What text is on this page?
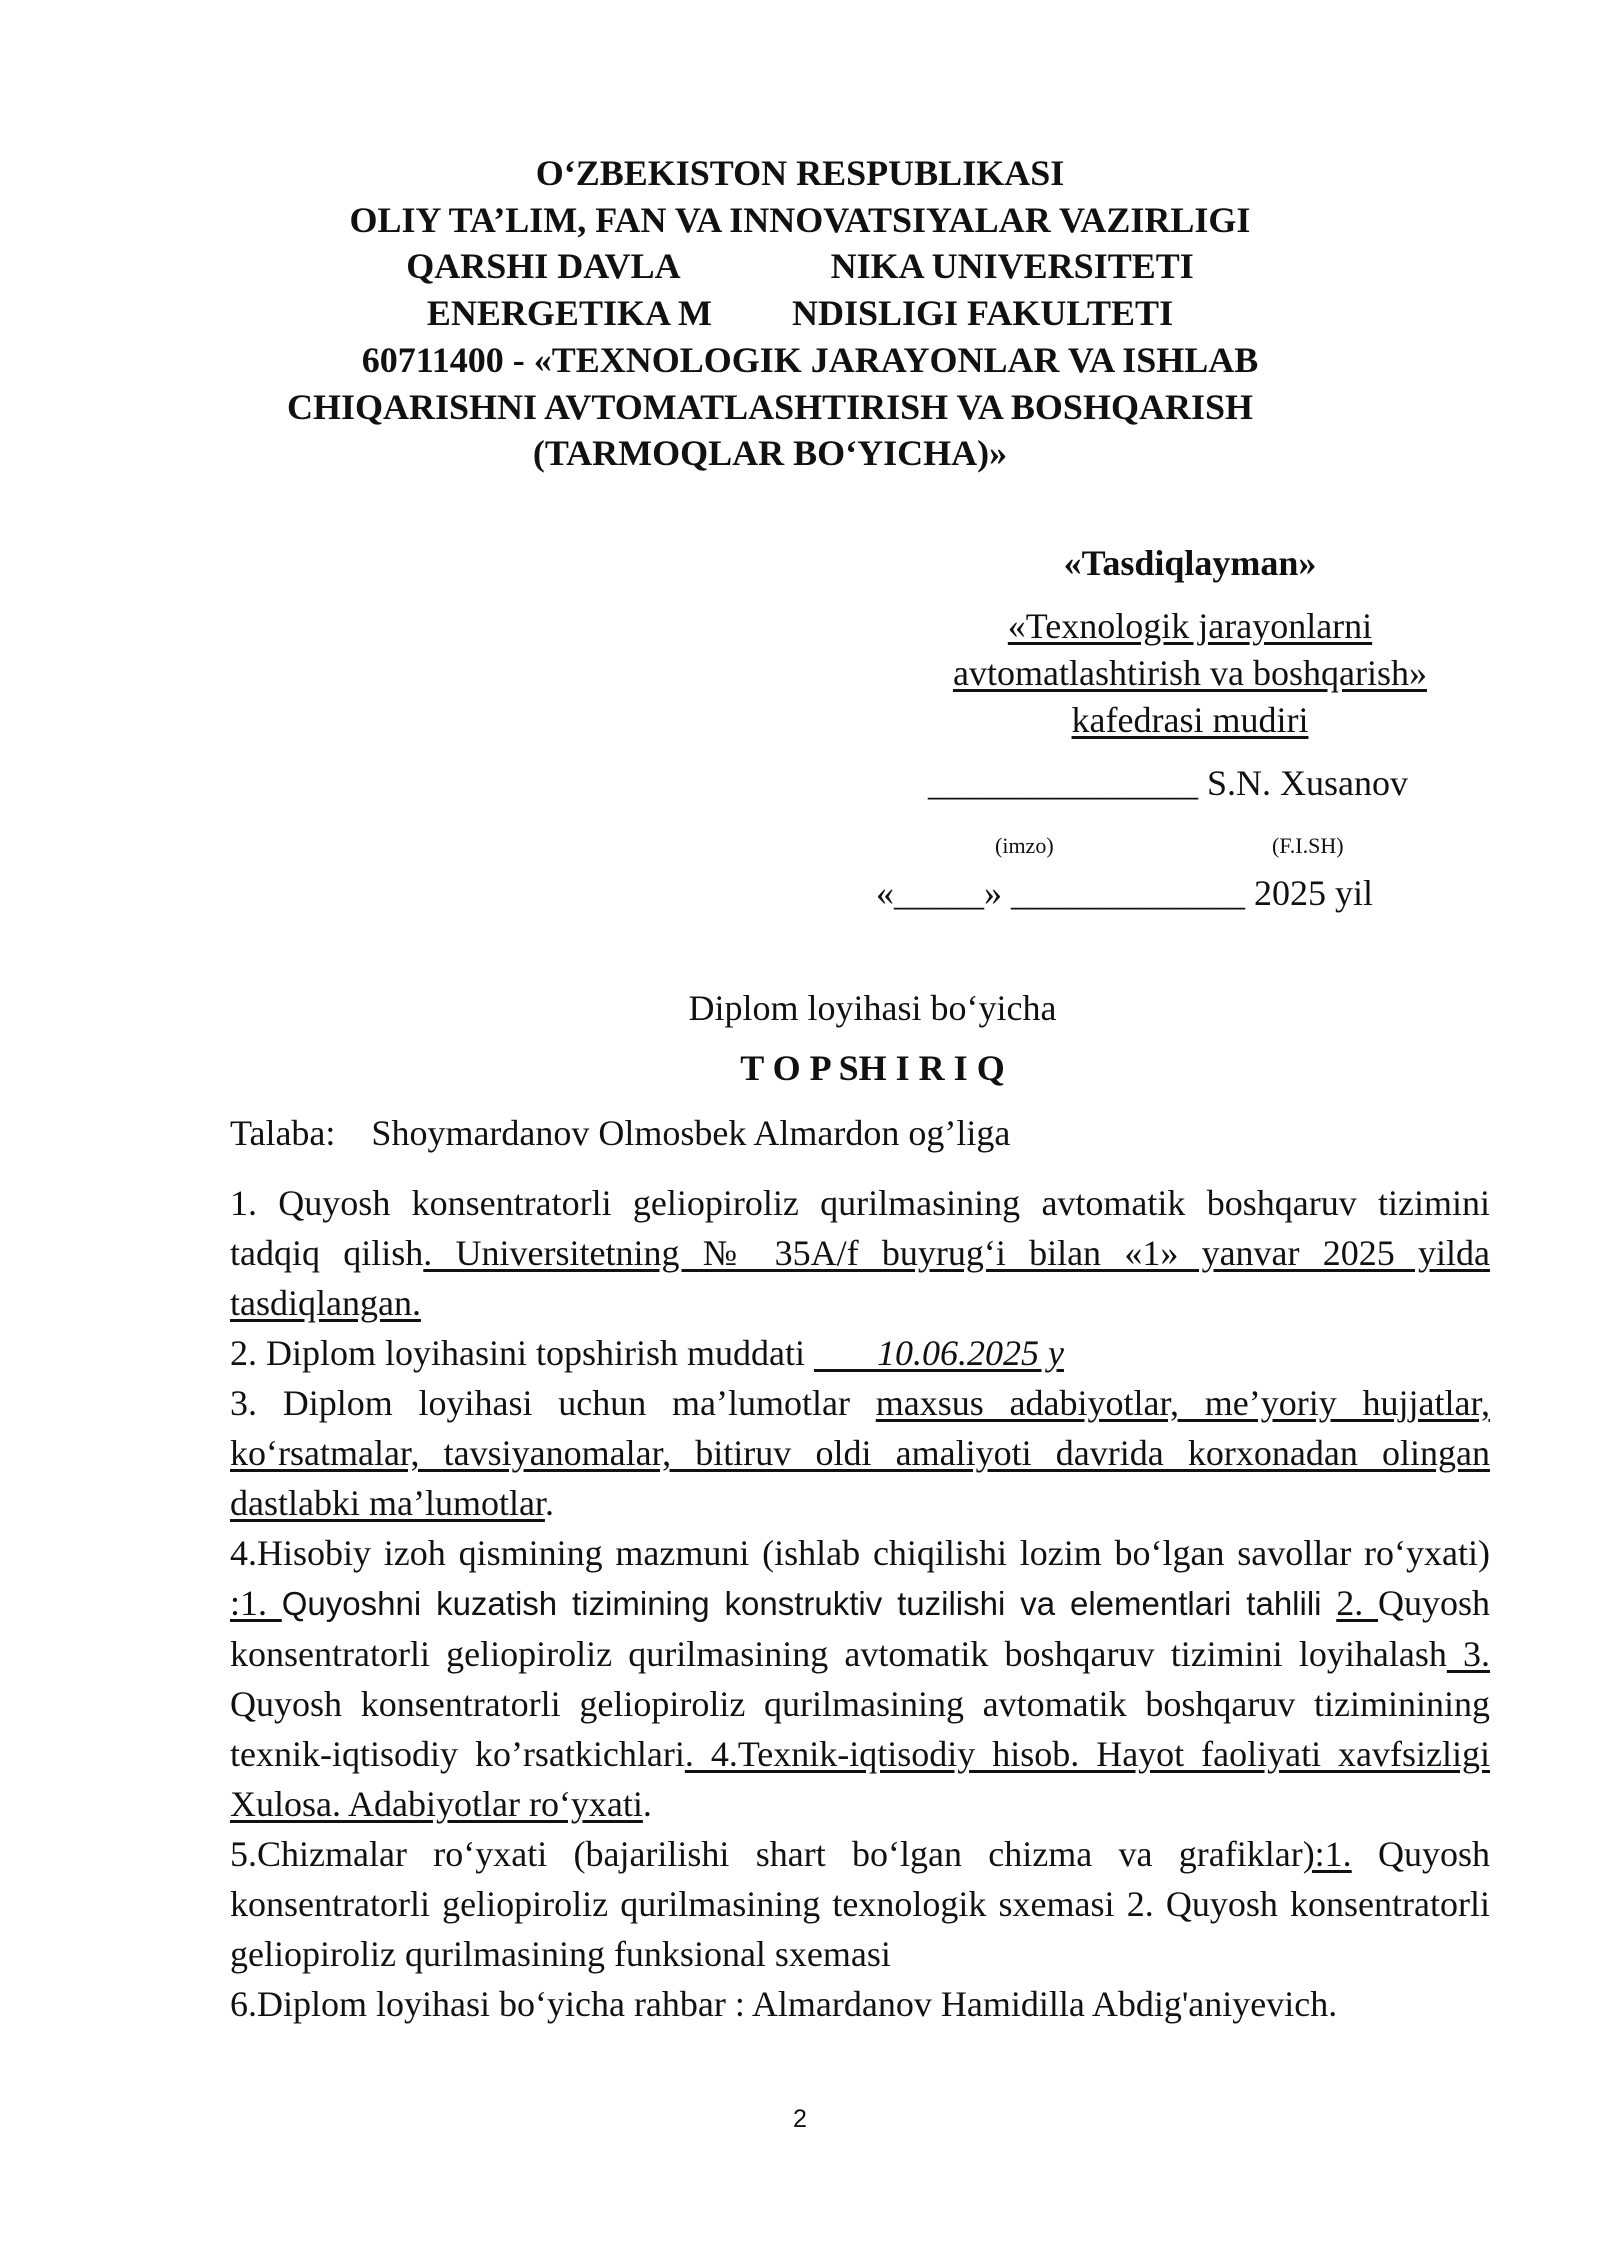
O‘ZBEKISTON RESPUBLIKASI
OLIY TA’LIM, FAN VA INNOVATSIYALAR VAZIRLIGI
QARSHI DAVLA	NIKA UNIVERSITETI
ENERGETIKA M NDISLIGI FAKULTETI
60711400 - «TEXNOLOGIK JARAYONLAR VA ISHLAB
CHIQARISHNI AVTOMATLASHTIRISH VA BOSHQARISH
(TARMOQLAR BO‘YICHA)»
«Tasdiqlayman»
«Texnologik jarayonlarni
avtomatlashtirish va boshqarish»
kafedrasi mudiri
_______________ S.N. Xusanov
(imzo)	(F.I.SH)
«_____» _____________ 2025 yil
Diplom loyihasi bo‘yicha
T O P SH I R I Q
Talaba: Shoymardanov Olmosbek Almardon og’liga

1. Quyosh konsentratorli geliopiroliz qurilmasining avtomatik boshqaruv tizimini tadqiq qilish. Universitetning № 35A/f buyrug‘i bilan «1» yanvar 2025 yilda tasdiqlangan.

2. Diplom loyihasini topshirish muddati        10.06.2025 y

3. Diplom loyihasi uchun ma’lumotlar maxsus adabiyotlar, me’yoriy hujjatlar, ko‘rsatmalar, tavsiyanomalar, bitiruv oldi amaliyoti davrida korxonadan olingan dastlabki ma’lumotlar.

4.Hisobiy izoh qismining mazmuni (ishlab chiqilishi lozim bo‘lgan savollar ro‘yxati) :1. Quyoshni kuzatish tizimining konstruktiv tuzilishi va elementlari tahlili 2. Quyosh konsentratorli geliopiroliz qurilmasining avtomatik boshqaruv tizimini loyihalash 3. Quyosh konsentratorli geliopiroliz qurilmasining avtomatik boshqaruv tiziminining texnik-iqtisodiy ko’rsatkichlari. 4.Texnik-iqtisodiy hisob. Hayot faoliyati xavfsizligi Xulosa. Adabiyotlar ro‘yxati.

5.Chizmalar ro‘yxati (bajarilishi shart bo‘lgan chizma va grafiklar):1. Quyosh konsentratorli geliopiroliz qurilmasining texnologik sxemasi 2. Quyosh konsentratorli geliopiroliz qurilmasining funksional sxemasi

6.Diplom loyihasi bo‘yicha rahbar : Almardanov Hamidilla Abdig'aniyevich.

2
